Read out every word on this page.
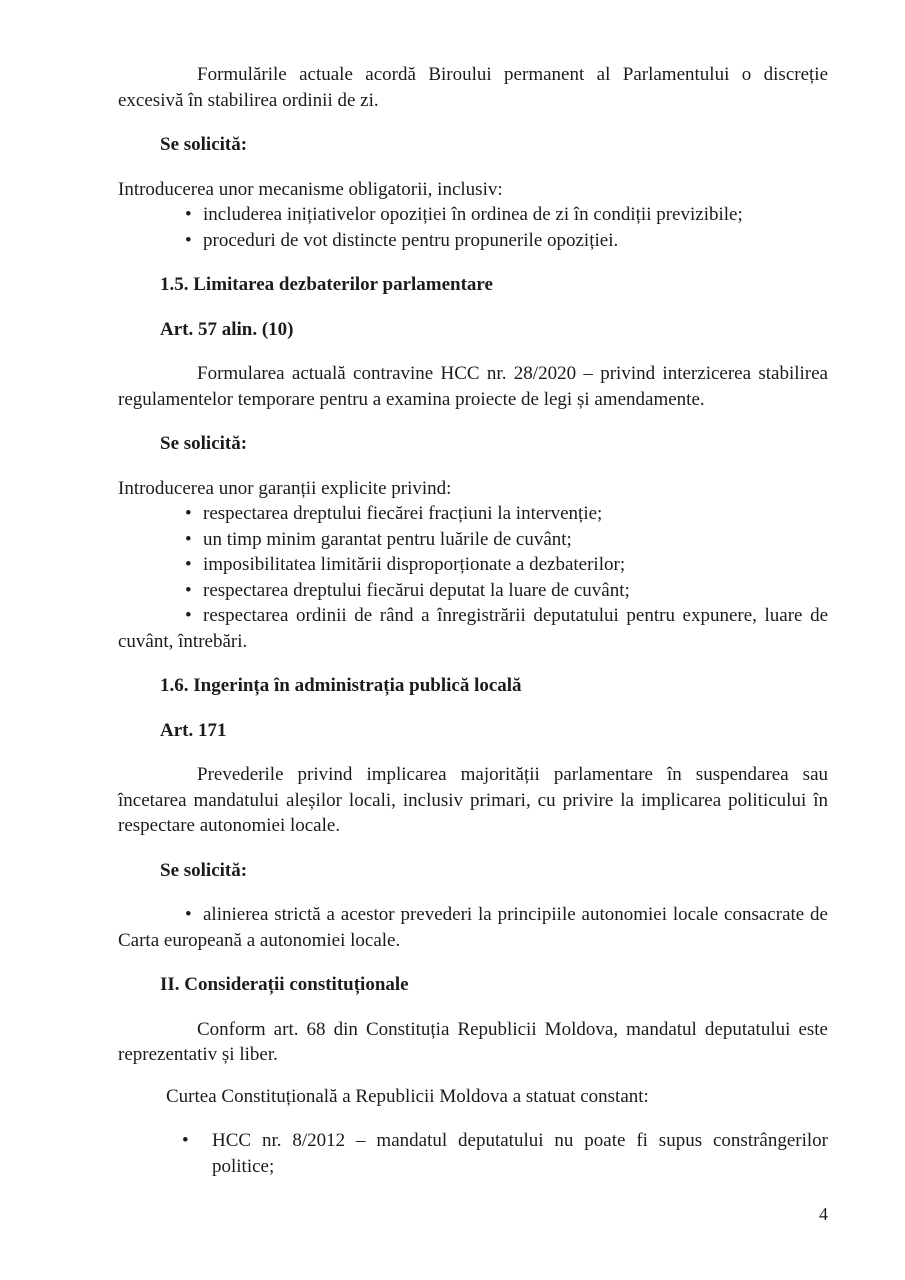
Formulările actuale acordă Biroului permanent al Parlamentului o discreție excesivă în stabilirea ordinii de zi.

Se solicită:

Introducerea unor mecanisme obligatorii, inclusiv:

• includerea inițiativelor opoziției în ordinea de zi în condiții previzibile;
• proceduri de vot distincte pentru propunerile opoziției.

1.5. Limitarea dezbaterilor parlamentare

Art. 57 alin. (10)

Formularea actuală contravine HCC nr. 28/2020 – privind interzicerea stabilirea regulamentelor temporare pentru a examina proiecte de legi și amendamente.

Se solicită:

Introducerea unor garanții explicite privind:

• respectarea dreptului fiecărei fracțiuni la intervenție;
• un timp minim garantat pentru luările de cuvânt;
• imposibilitatea limitării disproporționate a dezbaterilor;
• respectarea dreptului fiecărui deputat la luare de cuvânt;
• respectarea ordinii de rând a înregistrării deputatului pentru expunere, luare de cuvânt, întrebări.

1.6. Ingerința în administrația publică locală

Art. 171

Prevederile privind implicarea majorității parlamentare în suspendarea sau încetarea mandatului aleșilor locali, inclusiv primari, cu privire la implicarea politicului în respectare autonomiei locale.

Se solicită:

• alinierea strictă a acestor prevederi la principiile autonomiei locale consacrate de Carta europeană a autonomiei locale.

II. Considerații constituționale

Conform art. 68 din Constituția Republicii Moldova, mandatul deputatului este reprezentativ și liber.

Curtea Constituțională a Republicii Moldova a statuat constant:

• HCC nr. 8/2012 – mandatul deputatului nu poate fi supus constrângerilor politice;
4
